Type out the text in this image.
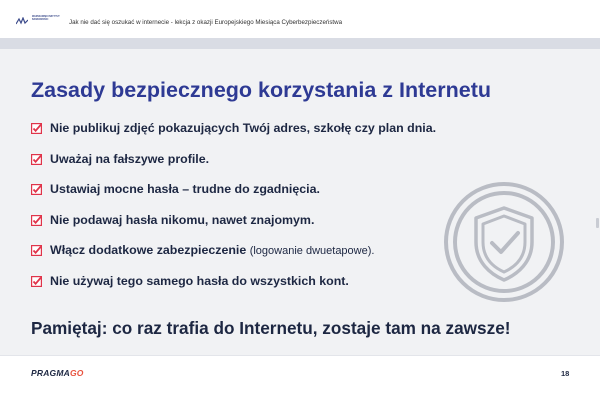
WARSZAWSKI INSTYTUT BANKOWOŚCI	Jak nie dać się oszukać w internecie - lekcja z okazji Europejskiego Miesiąca Cyberbezpieczeństwa
Zasady bezpiecznego korzystania z Internetu
Nie publikuj zdjęć pokazujących Twój adres, szkołę czy plan dnia.
Uważaj na fałszywe profile.
Ustawiaj mocne hasła – trudne do zgadnięcia.
Nie podawaj hasła nikomu, nawet znajomym.
Włącz dodatkowe zabezpieczenie (logowanie dwuetapowe).
Nie używaj tego samego hasła do wszystkich kont.

Pamiętaj: co raz trafia do Internetu, zostaje tam na zawsze!

PRAGMAGO	18
